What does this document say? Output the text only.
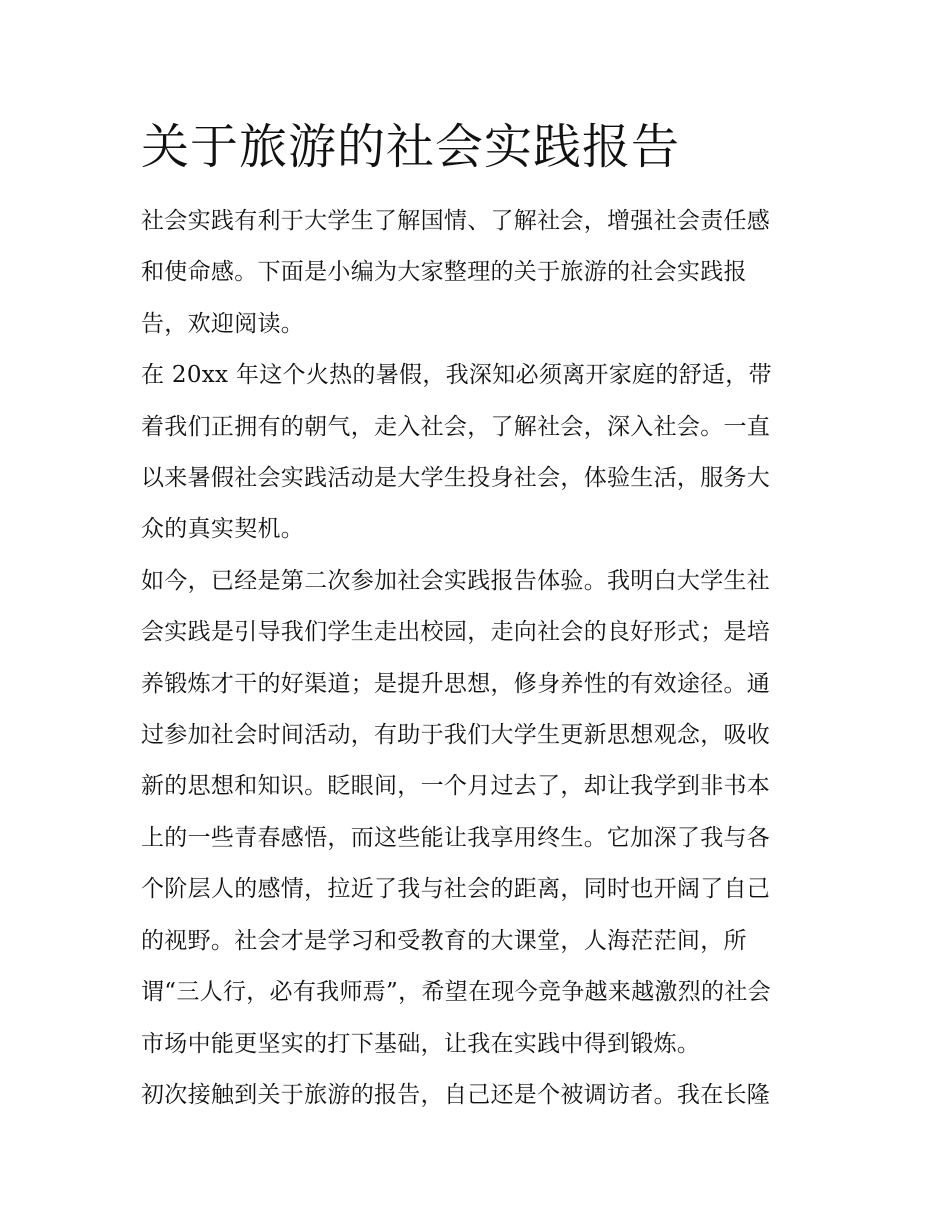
关于旅游的社会实践报告

社会实践有利于大学生了解国情、了解社会，增强社会责任感
和使命感。下面是小编为大家整理的关于旅游的社会实践报
告，欢迎阅读。

在 20xx 年这个火热的暑假，我深知必须离开家庭的舒适，带
着我们正拥有的朝气，走入社会，了解社会，深入社会。一直
以来暑假社会实践活动是大学生投身社会，体验生活，服务大
众的真实契机。

如今，已经是第二次参加社会实践报告体验。我明白大学生社
会实践是引导我们学生走出校园，走向社会的良好形式；是培
养锻炼才干的好渠道；是提升思想，修身养性的有效途径。通
过参加社会时间活动，有助于我们大学生更新思想观念，吸收
新的思想和知识。眨眼间，一个月过去了，却让我学到非书本
上的一些青春感悟，而这些能让我享用终生。它加深了我与各
个阶层人的感情，拉近了我与社会的距离，同时也开阔了自己
的视野。社会才是学习和受教育的大课堂，人海茫茫间，所
谓“三人行，必有我师焉”，希望在现今竞争越来越激烈的社会
市场中能更坚实的打下基础，让我在实践中得到锻炼。

初次接触到关于旅游的报告，自己还是个被调访者。我在长隆
